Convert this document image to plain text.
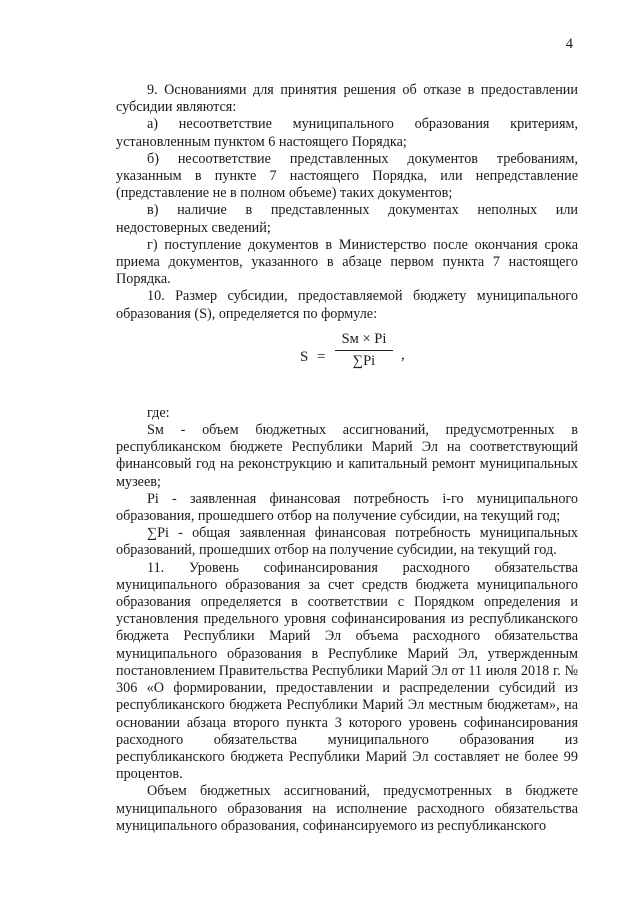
4

9. Основаниями для принятия решения об отказе в предоставлении субсидии являются:

а) несоответствие муниципального образования критериям, установленным пунктом 6 настоящего Порядка;

б) несоответствие представленных документов требованиям, указанным в пункте 7 настоящего Порядка, или непредставление (представление не в полном объеме) таких документов;

в) наличие в представленных документах неполных или недостоверных сведений;

г) поступление документов в Министерство после окончания срока приема документов, указанного в абзаце первом пункта 7 настоящего Порядка.

10. Размер субсидии, предоставляемой бюджету муниципального образования (S), определяется по формуле:

S =
Sм × Pi
∑Pi	,

где:

Sм - объем бюджетных ассигнований, предусмотренных в республиканском бюджете Республики Марий Эл на соответствующий финансовый год на реконструкцию и капитальный ремонт муниципальных музеев;

Pi - заявленная финансовая потребность i-го муниципального образования, прошедшего отбор на получение субсидии, на текущий год;

∑Pi - общая заявленная финансовая потребность муниципальных образований, прошедших отбор на получение субсидии, на текущий год.

11. Уровень софинансирования расходного обязательства муниципального образования за счет средств бюджета муниципального образования определяется в соответствии с Порядком определения и установления предельного уровня софинансирования из республиканского бюджета Республики Марий Эл объема расходного обязательства муниципального образования в Республике Марий Эл, утвержденным постановлением Правительства Республики Марий Эл от 11 июля 2018 г. № 306 «О формировании, предоставлении и распределении субсидий из республиканского бюджета Республики Марий Эл местным бюджетам», на основании абзаца второго пункта 3 которого уровень софинансирования расходного обязательства муниципального образования из республиканского бюджета Республики Марий Эл составляет не более 99 процентов.

Объем бюджетных ассигнований, предусмотренных в бюджете муниципального образования на исполнение расходного обязательства муниципального образования, софинансируемого из республиканского
